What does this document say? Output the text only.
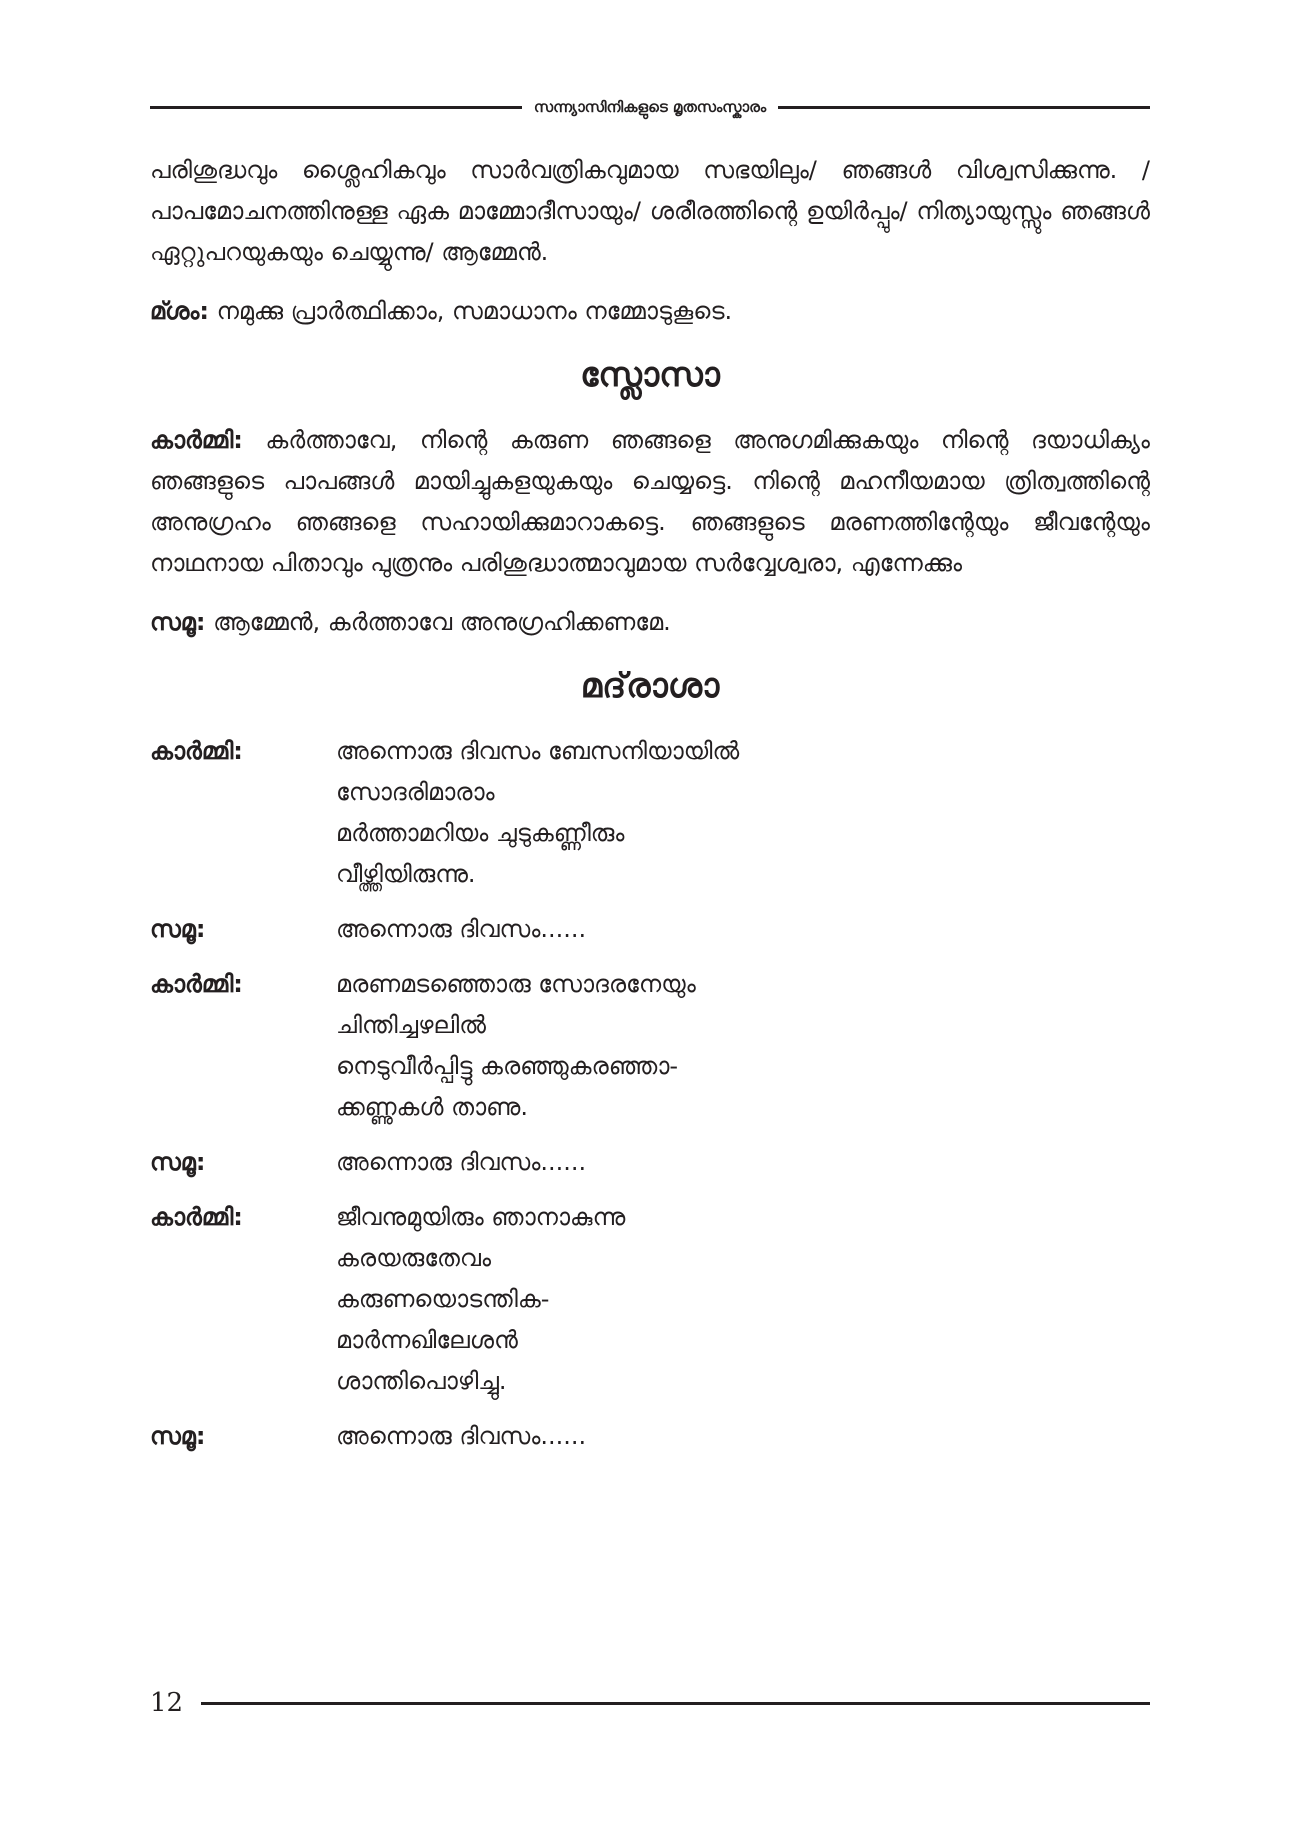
സന്ന്യാസിനികളുടെ മൃതസംസ്കാരം

പരിശുദ്ധവും ശ്ലൈഹികവും സാർവത്രികവുമായ സഭയിലും/ ഞങ്ങൾ വിശ്വസിക്കുന്നു. / പാപമോചനത്തിനുള്ള ഏക മാമ്മോദീസായും/ ശരീരത്തിന്റെ ഉയിർപ്പും/ നിത്യായുസ്സും ഞങ്ങൾ ഏറ്റുപറയുകയും ചെയ്യുന്നു/ ആമ്മേൻ.

മ്ശം: നമുക്കു പ്രാർത്ഥിക്കാം, സമാധാനം നമ്മോടുകൂടെ.

സ്ലോസാ

കാർമ്മി: കർത്താവേ, നിന്റെ കരുണ ഞങ്ങളെ അനുഗമിക്കുകയും നിന്റെ ദയാധിക്യം ഞങ്ങളുടെ പാപങ്ങൾ മായിച്ചുകളയുകയും ചെയ്യട്ടെ. നിന്റെ മഹനീയമായ ത്രിത്വത്തിന്റെ അനുഗ്രഹം ഞങ്ങളെ സഹായിക്കുമാറാകട്ടെ. ഞങ്ങളുടെ മരണത്തിന്റേയും ജീവന്റേയും നാഥനായ പിതാവും പുത്രനും പരിശുദ്ധാത്മാവുമായ സർവ്വേശ്വരാ, എന്നേക്കും

സമൂ: ആമ്മേൻ, കർത്താവേ അനുഗ്രഹിക്കണമേ.

മദ്‌രാശാ
കാർമ്മി:	അന്നൊരു ദിവസം ബേസനിയായിൽ
സോദരിമാരാം
മർത്താമറിയം ചുടുകണ്ണീരും
വീഴ്ത്തിയിരുന്നു.
സമൂ:	അന്നൊരു ദിവസം......
കാർമ്മി:	മരണമടഞ്ഞൊരു സോദരനേയും
ചിന്തിച്ചഴലിൽ
നെടുവീർപ്പിട്ടു കരഞ്ഞുകരഞ്ഞാ-
ക്കണ്ണുകൾ താണു.
സമൂ:	അന്നൊരു ദിവസം......
കാർമ്മി:	ജീവനുമുയിരും ഞാനാകുന്നു
കരയരുതേവം
കരുണയൊടന്തിക-
മാർന്നഖിലേശൻ
ശാന്തിപൊഴിച്ചു.
സമൂ:	അന്നൊരു ദിവസം......
12
